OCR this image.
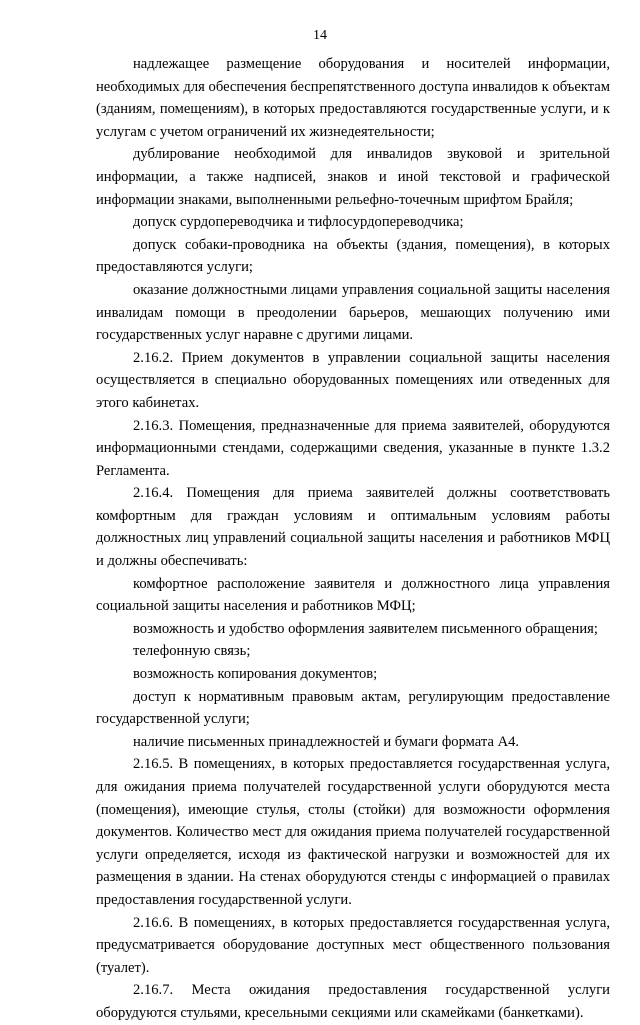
14

надлежащее размещение оборудования и носителей информации, необходимых для обеспечения беспрепятственного доступа инвалидов к объектам (зданиям, помещениям), в которых предоставляются государственные услуги, и к услугам с учетом ограничений их жизнедеятельности;

дублирование необходимой для инвалидов звуковой и зрительной информации, а также надписей, знаков и иной текстовой и графической информации знаками, выполненными рельефно-точечным шрифтом Брайля;

допуск сурдопереводчика и тифлосурдопереводчика;

допуск собаки-проводника на объекты (здания, помещения), в которых предоставляются услуги;

оказание должностными лицами управления социальной защиты населения инвалидам помощи в преодолении барьеров, мешающих получению ими государственных услуг наравне с другими лицами.

2.16.2. Прием документов в управлении социальной защиты населения осуществляется в специально оборудованных помещениях или отведенных для этого кабинетах.

2.16.3. Помещения, предназначенные для приема заявителей, оборудуются информационными стендами, содержащими сведения, указанные в пункте 1.3.2 Регламента.

2.16.4. Помещения для приема заявителей должны соответствовать комфортным для граждан условиям и оптимальным условиям работы должностных лиц управлений социальной защиты населения и работников МФЦ и должны обеспечивать:

комфортное расположение заявителя и должностного лица управления социальной защиты населения и работников МФЦ;

возможность и удобство оформления заявителем письменного обращения;

телефонную связь;

возможность копирования документов;

доступ к нормативным правовым актам, регулирующим предоставление государственной услуги;

наличие письменных принадлежностей и бумаги формата А4.

2.16.5. В помещениях, в которых предоставляется государственная услуга, для ожидания приема получателей государственной услуги оборудуются места (помещения), имеющие стулья, столы (стойки) для возможности оформления документов. Количество мест для ожидания приема получателей государственной услуги определяется, исходя из фактической нагрузки и возможностей для их размещения в здании. На стенах оборудуются стенды с информацией о правилах предоставления государственной услуги.

2.16.6. В помещениях, в которых предоставляется государственная услуга, предусматривается оборудование доступных мест общественного пользования (туалет).

2.16.7. Места ожидания предоставления государственной услуги оборудуются стульями, кресельными секциями или скамейками (банкетками).
